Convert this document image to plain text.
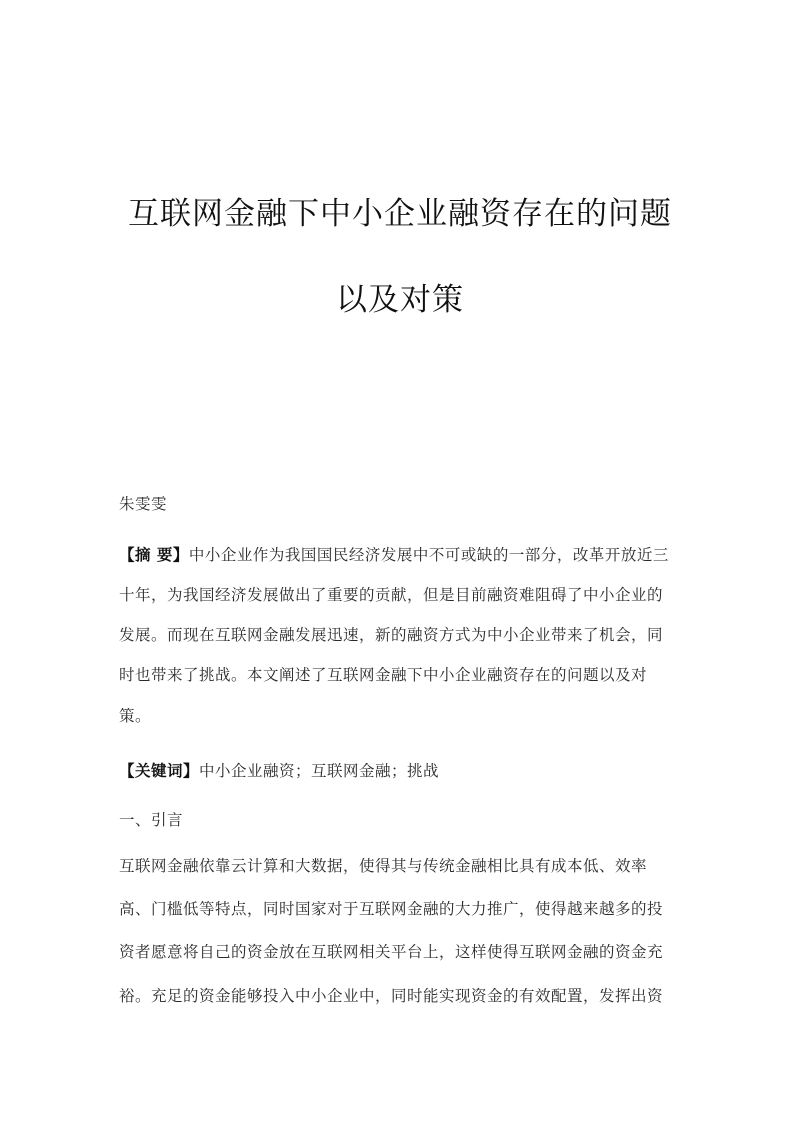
互联网金融下中小企业融资存在的问题
以及对策
朱雯雯
【摘 要】中小企业作为我国国民经济发展中不可或缺的一部分，改革开放近三
十年，为我国经济发展做出了重要的贡献，但是目前融资难阻碍了中小企业的
发展。而现在互联网金融发展迅速，新的融资方式为中小企业带来了机会，同
时也带来了挑战。本文阐述了互联网金融下中小企业融资存在的问题以及对
策。
【关键词】中小企业融资；互联网金融；挑战
一、引言
互联网金融依靠云计算和大数据，使得其与传统金融相比具有成本低、效率
高、门槛低等特点，同时国家对于互联网金融的大力推广，使得越来越多的投
资者愿意将自己的资金放在互联网相关平台上，这样使得互联网金融的资金充
裕。充足的资金能够投入中小企业中，同时能实现资金的有效配置，发挥出资
